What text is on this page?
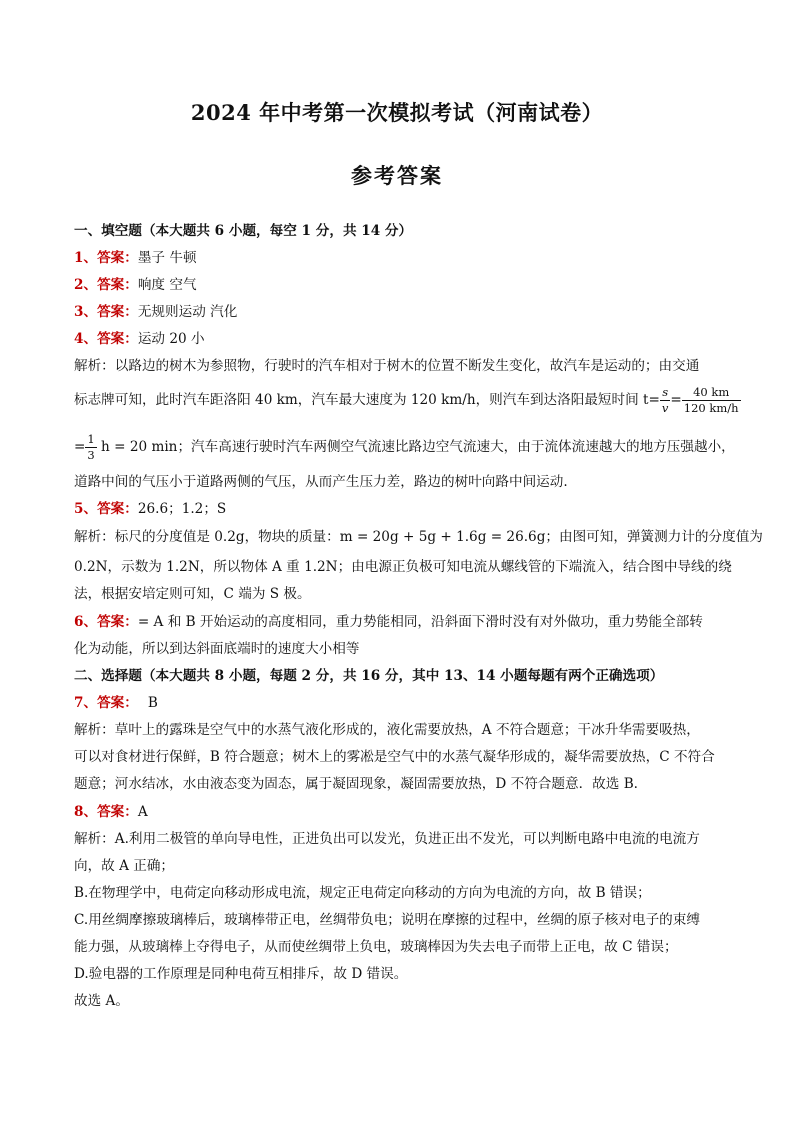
2024 年中考第一次模拟考试（河南试卷）
参考答案
一、填空题（本大题共 6 小题，每空 1 分，共 14 分）
1、答案：墨子 牛顿
2、答案：响度 空气
3、答案：无规则运动 汽化
4、答案：运动 20 小
解析：以路边的树木为参照物，行驶时的汽车相对于树木的位置不断发生变化，故汽车是运动的；由交通
标志牌可知，此时汽车距洛阳 40 km，汽车最大速度为 120 km/h，则汽车到达洛阳最短时间 $t= \frac{s}{v} = \frac{40 km}{120 km/h}$
= $\frac{1}{3}$ h = 20 min；汽车高速行驶时汽车两侧空气流速比路边空气流速大，由于流体流速越大的地方压强越小，
道路中间的气压小于道路两侧的气压，从而产生压力差，路边的树叶向路中间运动.
5、答案：26.6；1.2；S
解析：标尺的分度值是 0.2g，物块的质量：m = 20g + 5g + 1.6g = 26.6g；由图可知，弹簧测力计的分度值为
0.2N，示数为 1.2N，所以物体 A 重 1.2N；由电源正负极可知电流从螺线管的下端流入，结合图中导线的绕
法，根据安培定则可知，C 端为 S 极。
6、答案：= A 和 B 开始运动的高度相同，重力势能相同，沿斜面下滑时没有对外做功，重力势能全部转
化为动能，所以到达斜面底端时的速度大小相等
二、选择题（本大题共 8 小题，每题 2 分，共 16 分，其中 13、14 小题每题有两个正确选项）
7、答案： B
解析：草叶上的露珠是空气中的水蒸气液化形成的，液化需要放热，A 不符合题意；干冰升华需要吸热，
可以对食材进行保鲜，B 符合题意；树木上的雾凇是空气中的水蒸气凝华形成的，凝华需要放热，C 不符合
题意；河水结冰，水由液态变为固态，属于凝固现象，凝固需要放热，D 不符合题意．故选 B.
8、答案：A
解析：A.利用二极管的单向导电性，正进负出可以发光，负进正出不发光，可以判断电路中电流的电流方
向，故 A 正确；
B.在物理学中，电荷定向移动形成电流，规定正电荷定向移动的方向为电流的方向，故 B 错误；
C.用丝绸摩擦玻璃棒后，玻璃棒带正电，丝绸带负电；说明在摩擦的过程中，丝绸的原子核对电子的束缚
能力强，从玻璃棒上夺得电子，从而使丝绸带上负电，玻璃棒因为失去电子而带上正电，故 C 错误；
D.验电器的工作原理是同种电荷互相排斥，故 D 错误。
故选 A。
